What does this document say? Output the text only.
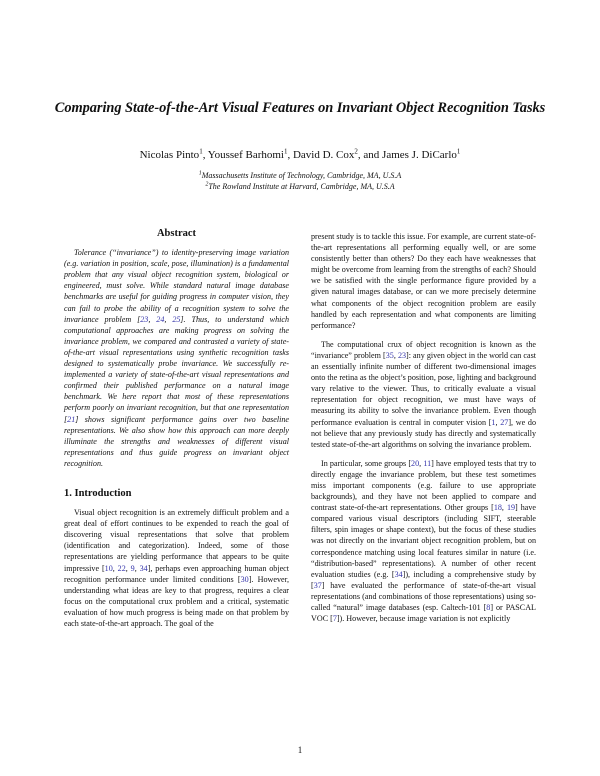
Comparing State-of-the-Art Visual Features on Invariant Object Recognition Tasks

Nicolas Pinto$^1$, Youssef Barhomi$^1$, David D. Cox$^2$, and James J. DiCarlo$^1$

$^1$Massachusetts Institute of Technology, Cambridge, MA, U.S.A

$^2$The Rowland Institute at Harvard, Cambridge, MA, U.S.A

Abstract

Tolerance (“invariance”) to identity-preserving image variation (e.g. variation in position, scale, pose, illumination) is a fundamental problem that any visual object recognition system, biological or engineered, must solve. While standard natural image database benchmarks are useful for guiding progress in computer vision, they can fail to probe the ability of a recognition system to solve the invariance problem [23, 24, 25]. Thus, to understand which computational approaches are making progress on solving the invariance problem, we compared and contrasted a variety of state-of-the-art visual representations using synthetic recognition tasks designed to systematically probe invariance. We successfully re-implemented a variety of state-of-the-art visual representations and confirmed their published performance on a natural image benchmark. We here report that most of these representations perform poorly on invariant recognition, but that one representation [21] shows significant performance gains over two baseline representations. We also show how this approach can more deeply illuminate the strengths and weaknesses of different visual representations and thus guide progress on invariant object recognition.

1. Introduction

Visual object recognition is an extremely difficult problem and a great deal of effort continues to be expended to reach the goal of discovering visual representations that solve that problem (identification and categorization). Indeed, some of those representations are yielding performance that appears to be quite impressive [10, 22, 9, 34], perhaps even approaching human object recognition performance under limited conditions [30]. However, understanding what ideas are key to that progress, requires a clear focus on the computational crux problem and a critical, systematic evaluation of how much progress is being made on that problem by each state-of-the-art approach. The goal of the

present study is to tackle this issue. For example, are current state-of-the-art representations all performing equally well, or are some consistently better than others? Do they each have weaknesses that might be overcome from learning from the strengths of each? Should we be satisfied with the single performance figure provided by a given natural images database, or can we more precisely determine what components of the object recognition problem are easily handled by each representation and what components are limiting performance?

The computational crux of object recognition is known as the “invariance” problem [35, 23]: any given object in the world can cast an essentially infinite number of different two-dimensional images onto the retina as the object’s position, pose, lighting and background vary relative to the viewer. Thus, to critically evaluate a visual representation for object recognition, we must have ways of measuring its ability to solve the invariance problem. Even though performance evaluation is central in computer vision [1, 27], we do not believe that any previously study has directly and systematically tested state-of-the-art algorithms on solving the invariance problem.

In particular, some groups [20, 11] have employed tests that try to directly engage the invariance problem, but these test sometimes miss important components (e.g. failure to use appropriate backgrounds), and they have not been applied to compare and contrast state-of-the-art representations. Other groups [18, 19] have compared various visual descriptors (including SIFT, steerable filters, spin images or shape context), but the focus of these studies was not directly on the invariant object recognition problem, but on correspondence matching using local features similar in nature (i.e. “distribution-based” representations). A number of other recent evaluation studies (e.g. [34]), including a comprehensive study by [37] have evaluated the performance of state-of-the-art visual representations (and combinations of those representations) using so-called “natural” image databases (esp. Caltech-101 [8] or PASCAL VOC [7]). However, because image variation is not explicitly

1
